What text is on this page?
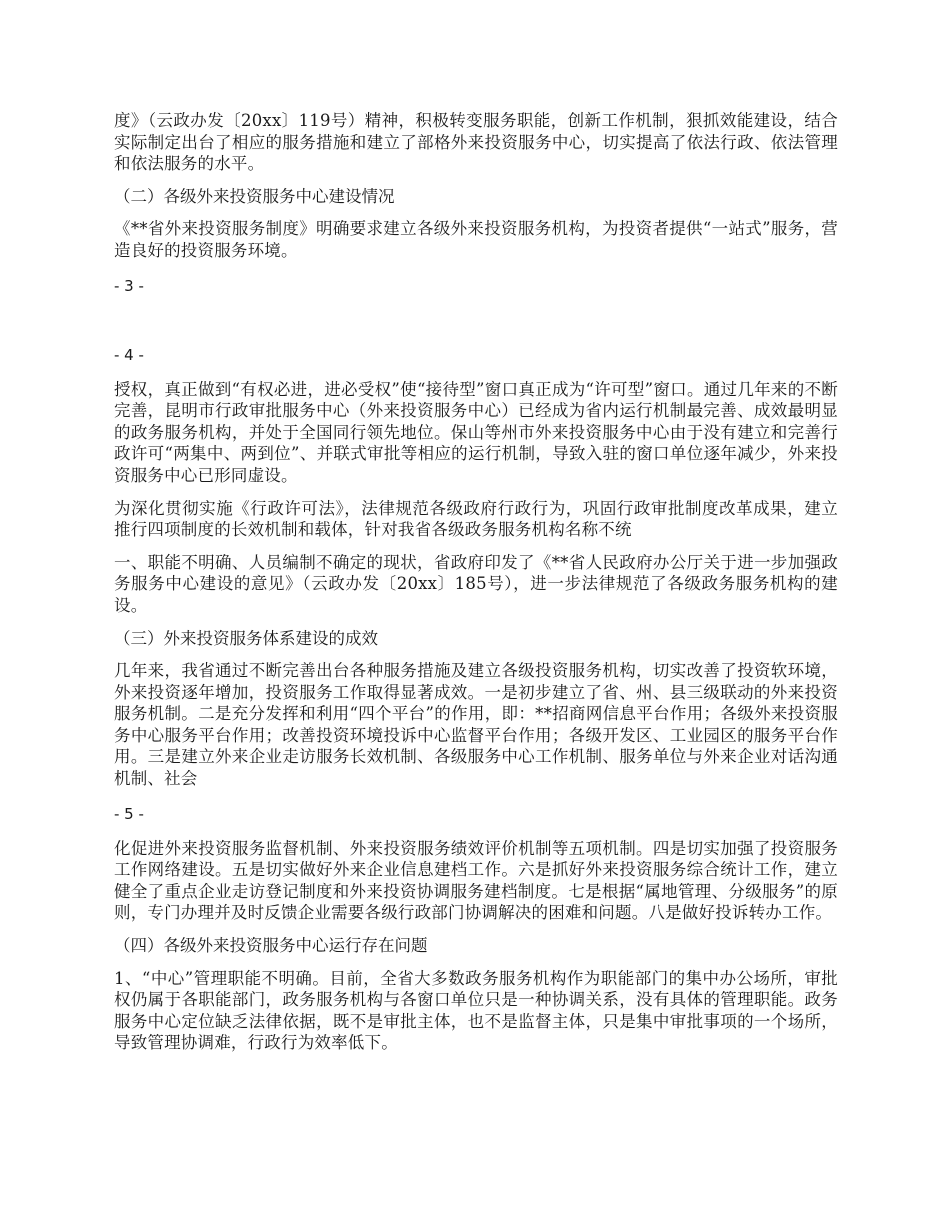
度》（云政办发〔20xx〕119号）精神，积极转变服务职能，创新工作机制，狠抓效能建设，结合实际制定出台了相应的服务措施和建立了部格外来投资服务中心，切实提高了依法行政、依法管理和依法服务的水平。

（二）各级外来投资服务中心建设情况

《**省外来投资服务制度》明确要求建立各级外来投资服务机构，为投资者提供“一站式”服务，营造良好的投资服务环境。

- 3 -

- 4 -

授权，真正做到“有权必进，进必受权”使“接待型”窗口真正成为“许可型”窗口。通过几年来的不断完善，昆明市行政审批服务中心（外来投资服务中心）已经成为省内运行机制最完善、成效最明显的政务服务机构，并处于全国同行领先地位。保山等州市外来投资服务中心由于没有建立和完善行政许可“两集中、两到位”、并联式审批等相应的运行机制，导致入驻的窗口单位逐年减少，外来投资服务中心已形同虚设。

为深化贯彻实施《行政许可法》，法律规范各级政府行政行为，巩固行政审批制度改革成果，建立推行四项制度的长效机制和载体，针对我省各级政务服务机构名称不统

一、职能不明确、人员编制不确定的现状，省政府印发了《**省人民政府办公厅关于进一步加强政务服务中心建设的意见》（云政办发〔20xx〕185号），进一步法律规范了各级政务服务机构的建设。

（三）外来投资服务体系建设的成效

几年来，我省通过不断完善出台各种服务措施及建立各级投资服务机构，切实改善了投资软环境，外来投资逐年增加，投资服务工作取得显著成效。一是初步建立了省、州、县三级联动的外来投资服务机制。二是充分发挥和利用“四个平台”的作用，即：**招商网信息平台作用；各级外来投资服务中心服务平台作用；改善投资环境投诉中心监督平台作用；各级开发区、工业园区的服务平台作用。三是建立外来企业走访服务长效机制、各级服务中心工作机制、服务单位与外来企业对话沟通机制、社会

- 5 -

化促进外来投资服务监督机制、外来投资服务绩效评价机制等五项机制。四是切实加强了投资服务工作网络建设。五是切实做好外来企业信息建档工作。六是抓好外来投资服务综合统计工作，建立健全了重点企业走访登记制度和外来投资协调服务建档制度。七是根据“属地管理、分级服务”的原则，专门办理并及时反馈企业需要各级行政部门协调解决的困难和问题。八是做好投诉转办工作。

（四）各级外来投资服务中心运行存在问题

1、“中心”管理职能不明确。目前，全省大多数政务服务机构作为职能部门的集中办公场所，审批权仍属于各职能部门，政务服务机构与各窗口单位只是一种协调关系，没有具体的管理职能。政务服务中心定位缺乏法律依据，既不是审批主体，也不是监督主体，只是集中审批事项的一个场所，导致管理协调难，行政行为效率低下。
